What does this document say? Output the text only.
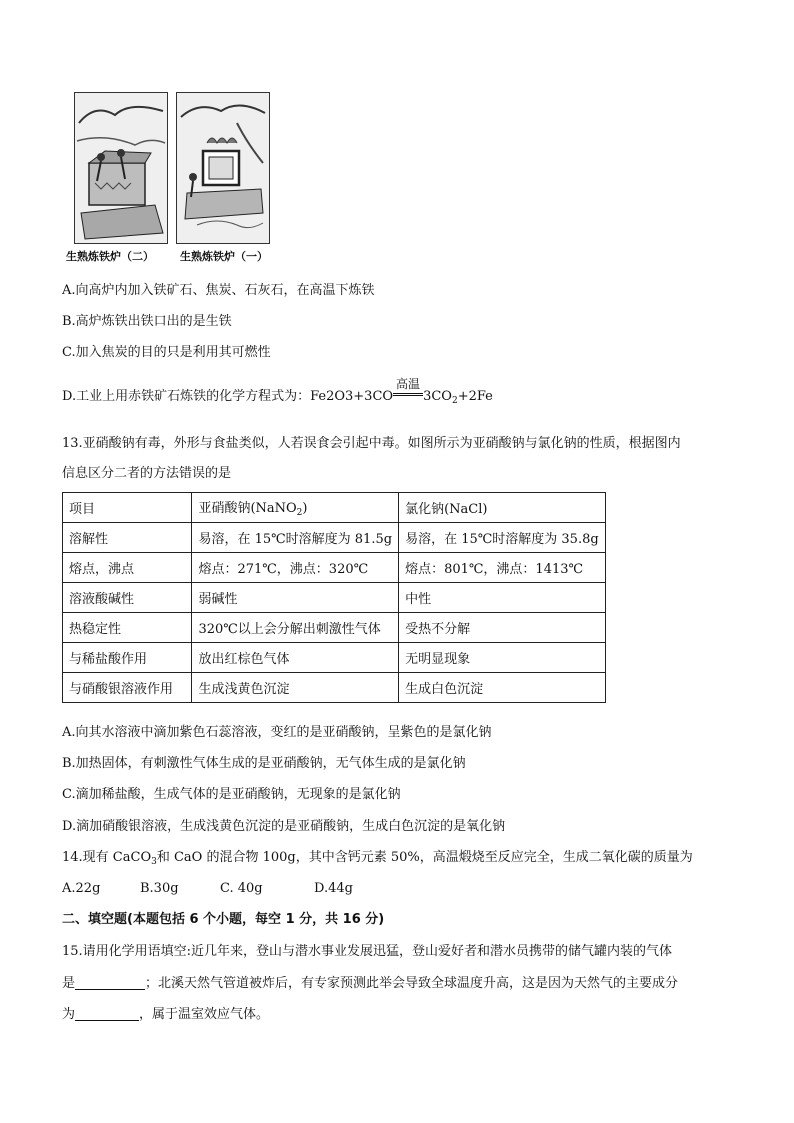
生熟炼铁炉（二） 生熟炼铁炉（一）
A.向高炉内加入铁矿石、焦炭、石灰石，在高温下炼铁
B.高炉炼铁出铁口出的是生铁
C.加入焦炭的目的只是利用其可燃性
D.工业上用赤铁矿石炼铁的化学方程式为：Fe2O3+3CO
高温
$3CO_2+2Fe$
13.亚硝酸钠有毒，外形与食盐类似，人若误食会引起中毒。如图所示为亚硝酸钠与氯化钠的性质，根据图内
信息区分二者的方法错误的是
项目	亚硝酸钠(NaNO$_2$)	氯化钠(NaCl)
溶解性	易溶，在 15℃时溶解度为 81.5g	易溶，在 15℃时溶解度为 35.8g
熔点，沸点	熔点：271℃，沸点：320℃	熔点：801℃，沸点：1413℃
溶液酸碱性	弱碱性	中性
热稳定性	320℃以上会分解出刺激性气体	受热不分解
与稀盐酸作用	放出红棕色气体	无明显现象
与硝酸银溶液作用	生成浅黄色沉淀	生成白色沉淀
A.向其水溶液中滴加紫色石蕊溶液，变红的是亚硝酸钠，呈紫色的是氯化钠
B.加热固体，有刺激性气体生成的是亚硝酸钠，无气体生成的是氯化钠
C.滴加稀盐酸，生成气体的是亚硝酸钠，无现象的是氯化钠
D.滴加硝酸银溶液，生成浅黄色沉淀的是亚硝酸钠，生成白色沉淀的是氧化钠
14.现有 CaCO$_3$和 CaO 的混合物 100g，其中含钙元素 50%，高温煅烧至反应完全，生成二氧化碳的质量为
A.22g	B.30g	C. 40g	D.44g
二、填空题(本题包括 6 个小题，每空 1 分，共 16 分)
15.请用化学用语填空:近几年来，登山与潜水事业发展迅猛，登山爱好者和潜水员携带的储气罐内装的气体
是	；北溪天然气管道被炸后，有专家预测此举会导致全球温度升高，这是因为天然气的主要成分
为	，属于温室效应气体。
